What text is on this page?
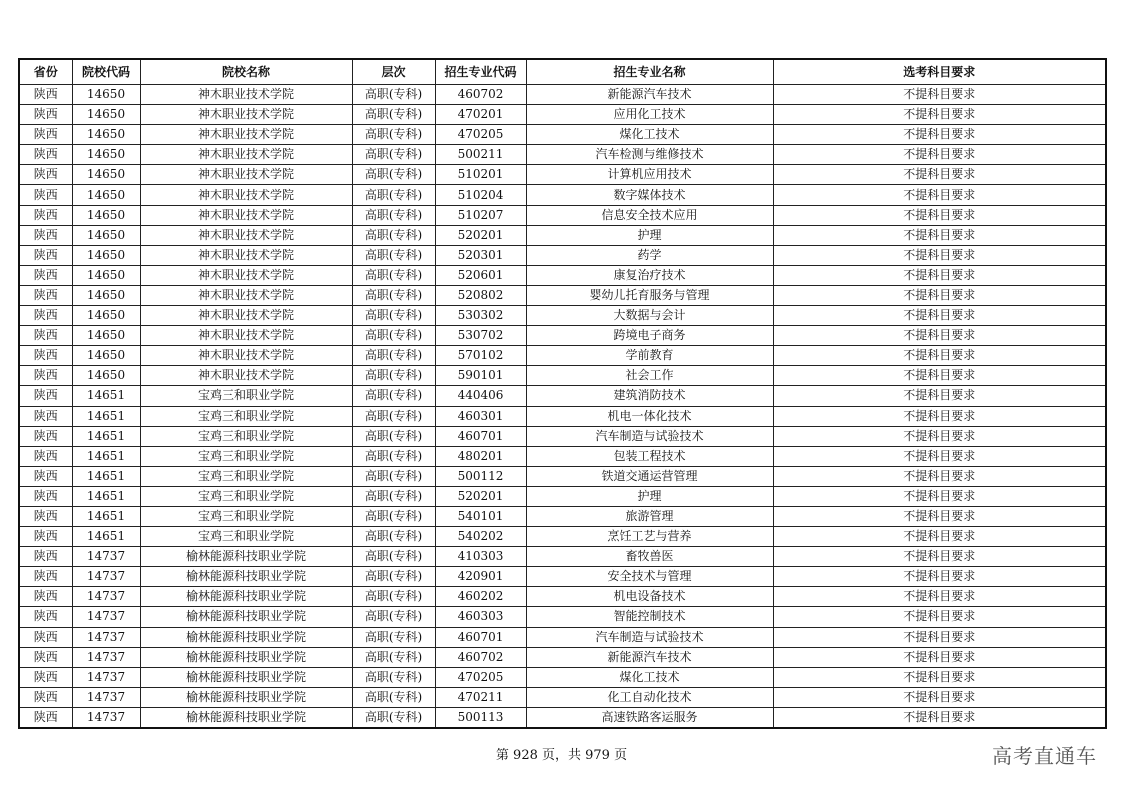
省份	院校代码	院校名称	层次	招生专业代码	招生专业名称	选考科目要求
陕西	14650	神木职业技术学院	高职(专科)	460702	新能源汽车技术	不提科目要求
陕西	14650	神木职业技术学院	高职(专科)	470201	应用化工技术	不提科目要求
陕西	14650	神木职业技术学院	高职(专科)	470205	煤化工技术	不提科目要求
陕西	14650	神木职业技术学院	高职(专科)	500211	汽车检测与维修技术	不提科目要求
陕西	14650	神木职业技术学院	高职(专科)	510201	计算机应用技术	不提科目要求
陕西	14650	神木职业技术学院	高职(专科)	510204	数字媒体技术	不提科目要求
陕西	14650	神木职业技术学院	高职(专科)	510207	信息安全技术应用	不提科目要求
陕西	14650	神木职业技术学院	高职(专科)	520201	护理	不提科目要求
陕西	14650	神木职业技术学院	高职(专科)	520301	药学	不提科目要求
陕西	14650	神木职业技术学院	高职(专科)	520601	康复治疗技术	不提科目要求
陕西	14650	神木职业技术学院	高职(专科)	520802	婴幼儿托育服务与管理	不提科目要求
陕西	14650	神木职业技术学院	高职(专科)	530302	大数据与会计	不提科目要求
陕西	14650	神木职业技术学院	高职(专科)	530702	跨境电子商务	不提科目要求
陕西	14650	神木职业技术学院	高职(专科)	570102	学前教育	不提科目要求
陕西	14650	神木职业技术学院	高职(专科)	590101	社会工作	不提科目要求
陕西	14651	宝鸡三和职业学院	高职(专科)	440406	建筑消防技术	不提科目要求
陕西	14651	宝鸡三和职业学院	高职(专科)	460301	机电一体化技术	不提科目要求
陕西	14651	宝鸡三和职业学院	高职(专科)	460701	汽车制造与试验技术	不提科目要求
陕西	14651	宝鸡三和职业学院	高职(专科)	480201	包装工程技术	不提科目要求
陕西	14651	宝鸡三和职业学院	高职(专科)	500112	铁道交通运营管理	不提科目要求
陕西	14651	宝鸡三和职业学院	高职(专科)	520201	护理	不提科目要求
陕西	14651	宝鸡三和职业学院	高职(专科)	540101	旅游管理	不提科目要求
陕西	14651	宝鸡三和职业学院	高职(专科)	540202	烹饪工艺与营养	不提科目要求
陕西	14737	榆林能源科技职业学院	高职(专科)	410303	畜牧兽医	不提科目要求
陕西	14737	榆林能源科技职业学院	高职(专科)	420901	安全技术与管理	不提科目要求
陕西	14737	榆林能源科技职业学院	高职(专科)	460202	机电设备技术	不提科目要求
陕西	14737	榆林能源科技职业学院	高职(专科)	460303	智能控制技术	不提科目要求
陕西	14737	榆林能源科技职业学院	高职(专科)	460701	汽车制造与试验技术	不提科目要求
陕西	14737	榆林能源科技职业学院	高职(专科)	460702	新能源汽车技术	不提科目要求
陕西	14737	榆林能源科技职业学院	高职(专科)	470205	煤化工技术	不提科目要求
陕西	14737	榆林能源科技职业学院	高职(专科)	470211	化工自动化技术	不提科目要求
陕西	14737	榆林能源科技职业学院	高职(专科)	500113	高速铁路客运服务	不提科目要求
第 928 页，共 979 页	高考直通车
